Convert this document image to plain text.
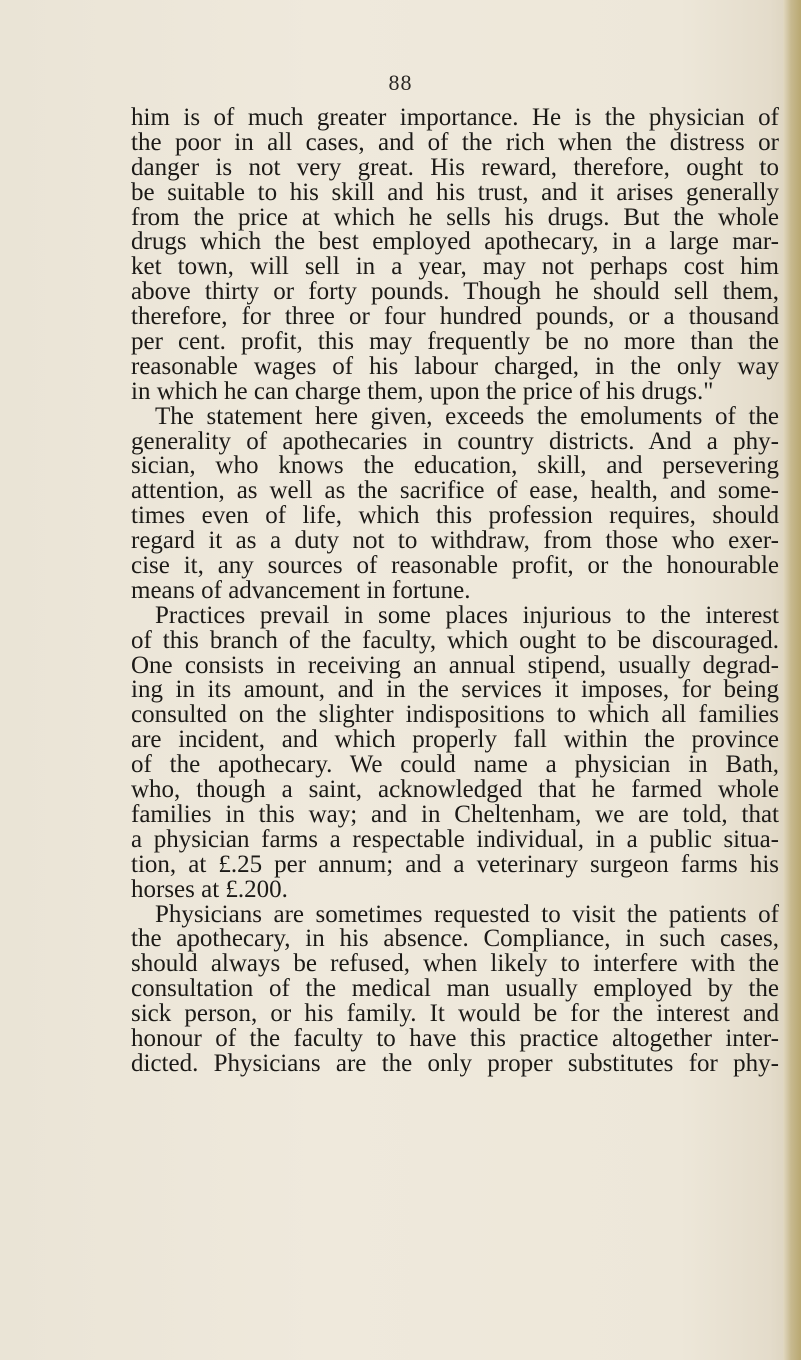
88
him is of much greater importance. He is the physician of
the poor in all cases, and of the rich when the distress or
danger is not very great. His reward, therefore, ought to
be suitable to his skill and his trust, and it arises generally
from the price at which he sells his drugs. But the whole
drugs which the best employed apothecary, in a large mar-
ket town, will sell in a year, may not perhaps cost him
above thirty or forty pounds. Though he should sell them,
therefore, for three or four hundred pounds, or a thousand
per cent. profit, this may frequently be no more than the
reasonable wages of his labour charged, in the only way
in which he can charge them, upon the price of his drugs."
The statement here given, exceeds the emoluments of the
generality of apothecaries in country districts. And a phy-
sician, who knows the education, skill, and persevering
attention, as well as the sacrifice of ease, health, and some-
times even of life, which this profession requires, should
regard it as a duty not to withdraw, from those who exer-
cise it, any sources of reasonable profit, or the honourable
means of advancement in fortune.
Practices prevail in some places injurious to the interest
of this branch of the faculty, which ought to be discouraged.
One consists in receiving an annual stipend, usually degrad-
ing in its amount, and in the services it imposes, for being
consulted on the slighter indispositions to which all families
are incident, and which properly fall within the province
of the apothecary. We could name a physician in Bath,
who, though a saint, acknowledged that he farmed whole
families in this way; and in Cheltenham, we are told, that
a physician farms a respectable individual, in a public situa-
tion, at £.25 per annum; and a veterinary surgeon farms his
horses at £.200.
Physicians are sometimes requested to visit the patients of
the apothecary, in his absence. Compliance, in such cases,
should always be refused, when likely to interfere with the
consultation of the medical man usually employed by the
sick person, or his family. It would be for the interest and
honour of the faculty to have this practice altogether inter-
dicted. Physicians are the only proper substitutes for phy-
